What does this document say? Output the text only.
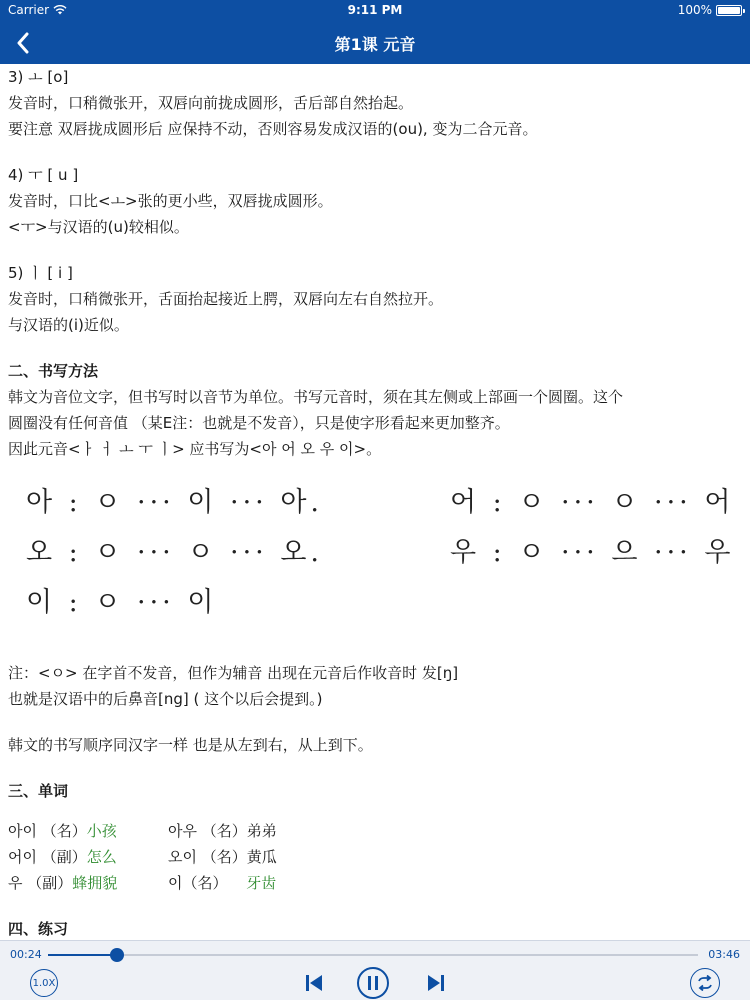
Carrier	9:11 PM	100%
第1课 元音
3) ㅗ [o]
发音时，口稍微张开，双唇向前拢成圆形，舌后部自然抬起。
要注意 双唇拢成圆形后 应保持不动，否则容易发成汉语的(ou), 变为二合元音。
4) ㅜ [ u ]
发音时，口比<ㅗ>张的更小些，双唇拢成圆形。
<ㅜ>与汉语的(u)较相似。
5) ㅣ [ i ]
发音时，口稍微张开，舌面抬起接近上腭，双唇向左右自然拉开。
与汉语的(i)近似。
二、书写方法
韩文为音位文字，但书写时以音节为单位。书写元音时，须在其左侧或上部画一个圆圈。这个
圆圈没有任何音值 （某E注：也就是不发音），只是使字形看起来更加整齐。
因此元音<ㅏ ㅓ ㅗ ㅜ ㅣ> 应书写为<아 어 오 우 이>。
아 : ㅇ ··· 이 ··· 아.	어 : ㅇ ··· ㅇ ··· 어
오 : ㅇ ··· ㅇ ··· 오.	우 : ㅇ ··· 으 ··· 우
이 : ㅇ ··· 이
注：<ㅇ> 在字首不发音，但作为辅音 出现在元音后作收音时 发[ŋ]
也就是汉语中的后鼻音[ng] ( 这个以后会提到。)
韩文的书写顺序同汉字一样 也是从左到右，从上到下。
三、单词
아이 （名）小孩	아우 （名）弟弟
어이 （副）怎么	오이 （名）黄瓜
우 （副）蜂拥貌	이（名） 牙齿
四、练习
00:24	03:46
1.0X
